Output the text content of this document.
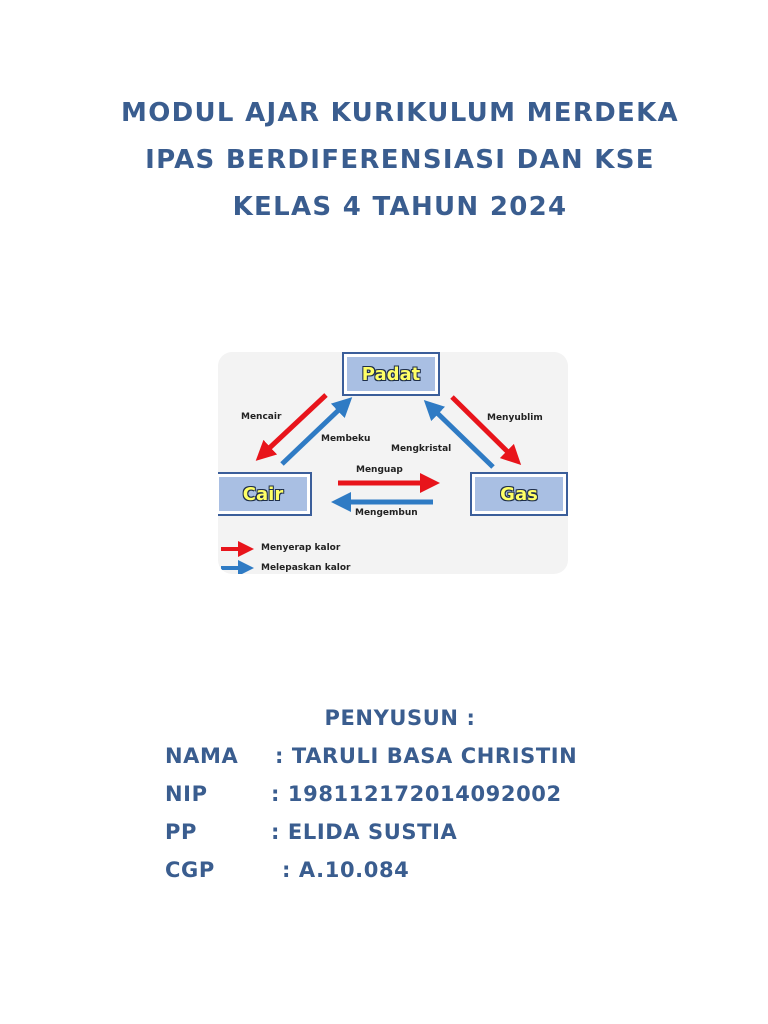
MODUL AJAR KURIKULUM MERDEKA
IPAS BERDIFERENSIASI DAN KSE
KELAS 4 TAHUN 2024
Padat
Cair	Gas
Mencair
Membeku
Menyublim
Mengkristal
Menguap
Mengembun
Menyerap kalor
Melepaskan kalor
PENYUSUN :
NAMA : TARULI BASA CHRISTIN
NIP	: 198112172014092002
PP	: ELIDA SUSTIA
CGP	: A.10.084
